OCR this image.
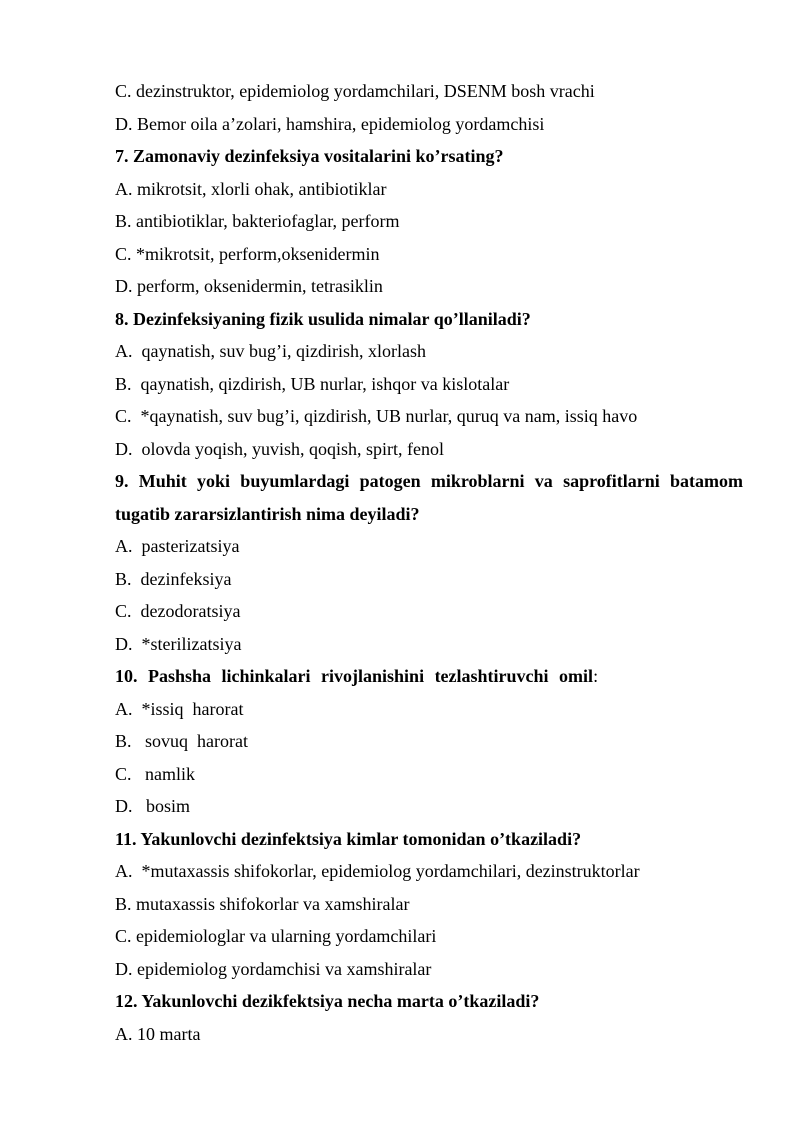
C. dezinstruktor, epidemiolog yordamchilari, DSENM bosh vrachi
D. Bemor oila a’zolari, hamshira, epidemiolog yordamchisi
7. Zamonaviy dezinfeksiya vositalarini ko’rsating?
A. mikrotsit, xlorli ohak, antibiotiklar
B. antibiotiklar, bakteriofaglar, perform
C. *mikrotsit, perform,oksenidermin
D. perform, oksenidermin, tetrasiklin
8. Dezinfeksiyaning fizik usulida nimalar qo’llaniladi?
A.  qaynatish, suv bug’i, qizdirish, xlorlash
B.  qaynatish, qizdirish, UB nurlar, ishqor va kislotalar
C.  *qaynatish, suv bug’i, qizdirish, UB nurlar, quruq va nam, issiq havo
D.  olovda yoqish, yuvish, qoqish, spirt, fenol
9. Muhit yoki buyumlardagi patogen mikroblarni va saprofitlarni batamom tugatib zararsizlantirish nima deyiladi?
A.  pasterizatsiya
B.  dezinfeksiya
C.  dezodoratsiya
D.  *sterilizatsiya
10. Pashsha lichinkalari rivojlanishini tezlashtiruvchi omil:
A.  *issiq  harorat
B.   sovuq  harorat
C.   namlik
D.   bosim
11. Yakunlovchi dezinfektsiya kimlar tomonidan o’tkaziladi?
A.  *mutaxassis shifokorlar, epidemiolog yordamchilari, dezinstruktorlar
B. mutaxassis shifokorlar va xamshiralar
C. epidemiologlar va ularning yordamchilari
D. epidemiolog yordamchisi va xamshiralar
12. Yakunlovchi dezikfektsiya necha marta o’tkaziladi?
A. 10 marta
